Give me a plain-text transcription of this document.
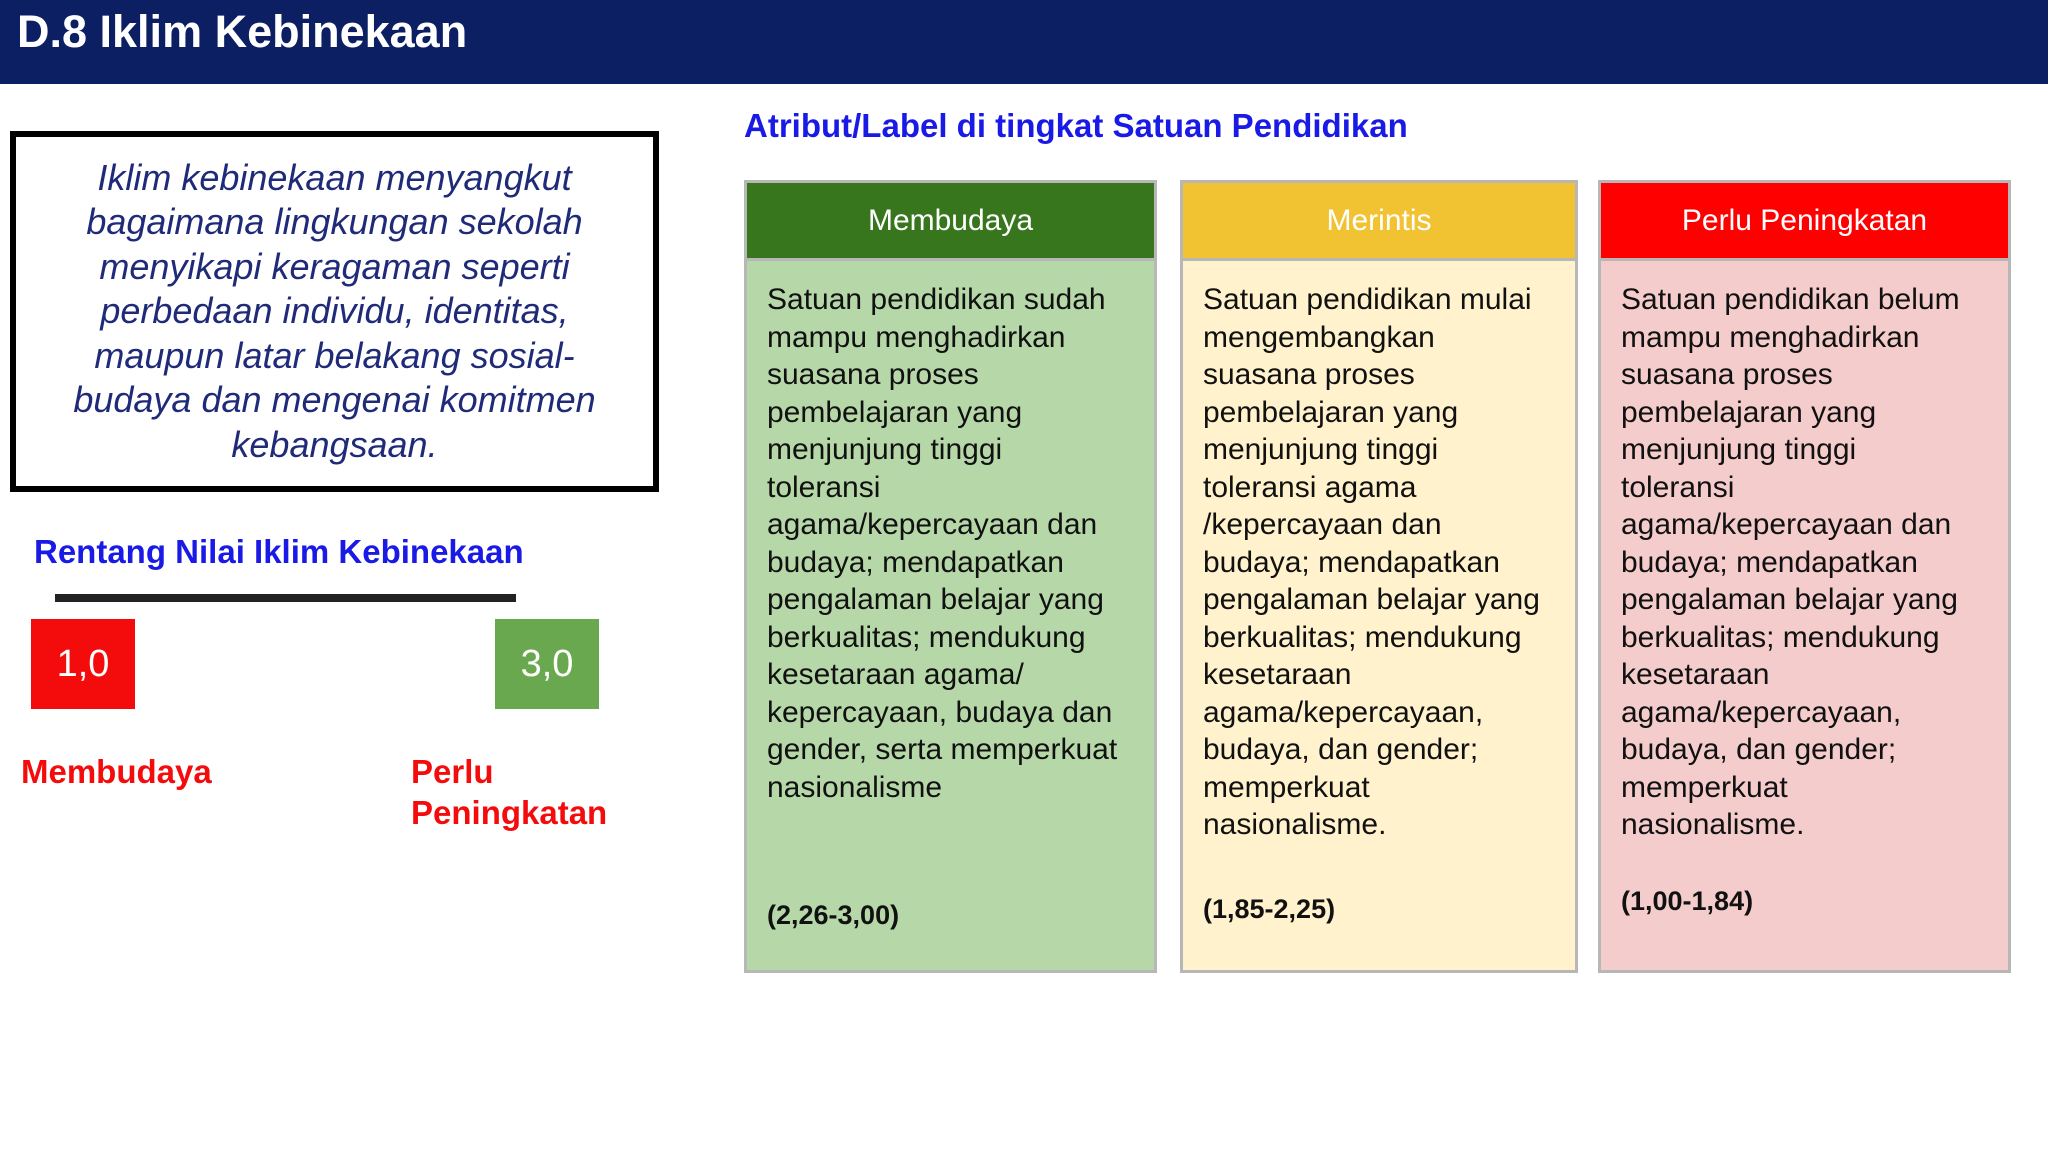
D.8 Iklim Kebinekaan

Iklim kebinekaan menyangkut bagaimana lingkungan sekolah menyikapi keragaman seperti perbedaan individu, identitas, maupun latar belakang sosial-budaya dan mengenai komitmen kebangsaan.

Rentang Nilai Iklim Kebinekaan
1,0	3,0
Membudaya	Perlu
Peningkatan
Atribut/Label di tingkat Satuan Pendidikan
Membudaya
Satuan pendidikan sudah
mampu menghadirkan
suasana proses
pembelajaran yang
menjunjung tinggi
toleransi
agama/kepercayaan dan
budaya; mendapatkan
pengalaman belajar yang
berkualitas; mendukung
kesetaraan agama/
kepercayaan, budaya dan
gender, serta memperkuat
nasionalisme
(2,26-3,00)
Merintis
Satuan pendidikan mulai
mengembangkan
suasana proses
pembelajaran yang
menjunjung tinggi
toleransi agama
/kepercayaan dan
budaya; mendapatkan
pengalaman belajar yang
berkualitas; mendukung
kesetaraan
agama/kepercayaan,
budaya, dan gender;
memperkuat
nasionalisme.
(1,85-2,25)
Perlu Peningkatan
Satuan pendidikan belum
mampu menghadirkan
suasana proses
pembelajaran yang
menjunjung tinggi
toleransi
agama/kepercayaan dan
budaya; mendapatkan
pengalaman belajar yang
berkualitas; mendukung
kesetaraan
agama/kepercayaan,
budaya, dan gender;
memperkuat
nasionalisme.
(1,00-1,84)
